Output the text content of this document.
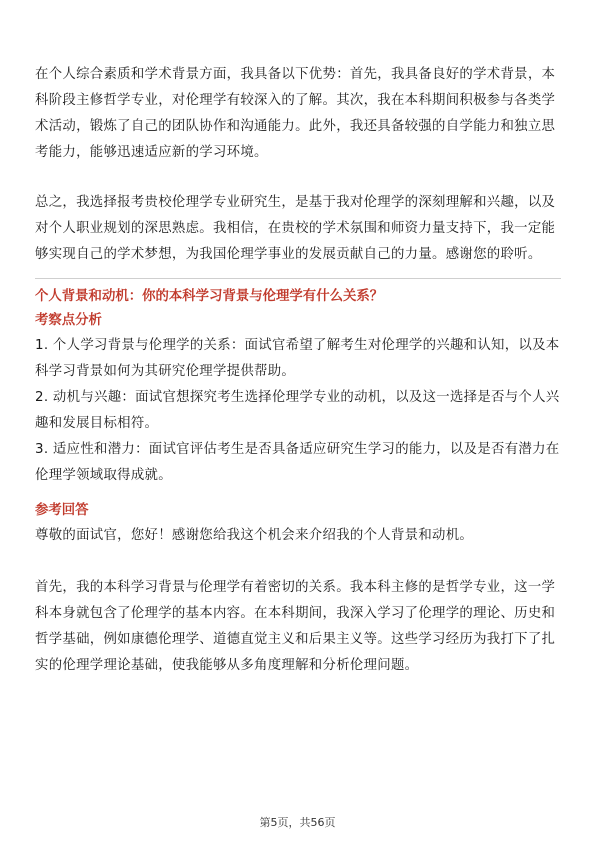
在个人综合素质和学术背景方面，我具备以下优势：首先，我具备良好的学术背景，本科阶段主修哲学专业，对伦理学有较深入的了解。其次，我在本科期间积极参与各类学术活动，锻炼了自己的团队协作和沟通能力。此外，我还具备较强的自学能力和独立思考能力，能够迅速适应新的学习环境。

总之，我选择报考贵校伦理学专业研究生，是基于我对伦理学的深刻理解和兴趣，以及对个人职业规划的深思熟虑。我相信，在贵校的学术氛围和师资力量支持下，我一定能够实现自己的学术梦想，为我国伦理学事业的发展贡献自己的力量。感谢您的聆听。

个人背景和动机：你的本科学习背景与伦理学有什么关系？

考察点分析

1. 个人学习背景与伦理学的关系：面试官希望了解考生对伦理学的兴趣和认知，以及本科学习背景如何为其研究伦理学提供帮助。

2. 动机与兴趣：面试官想探究考生选择伦理学专业的动机，以及这一选择是否与个人兴趣和发展目标相符。

3. 适应性和潜力：面试官评估考生是否具备适应研究生学习的能力，以及是否有潜力在伦理学领域取得成就。

参考回答

尊敬的面试官，您好！感谢您给我这个机会来介绍我的个人背景和动机。

首先，我的本科学习背景与伦理学有着密切的关系。我本科主修的是哲学专业，这一学科本身就包含了伦理学的基本内容。在本科期间，我深入学习了伦理学的理论、历史和哲学基础，例如康德伦理学、道德直觉主义和后果主义等。这些学习经历为我打下了扎实的伦理学理论基础，使我能够从多角度理解和分析伦理问题。

第5页，共56页
